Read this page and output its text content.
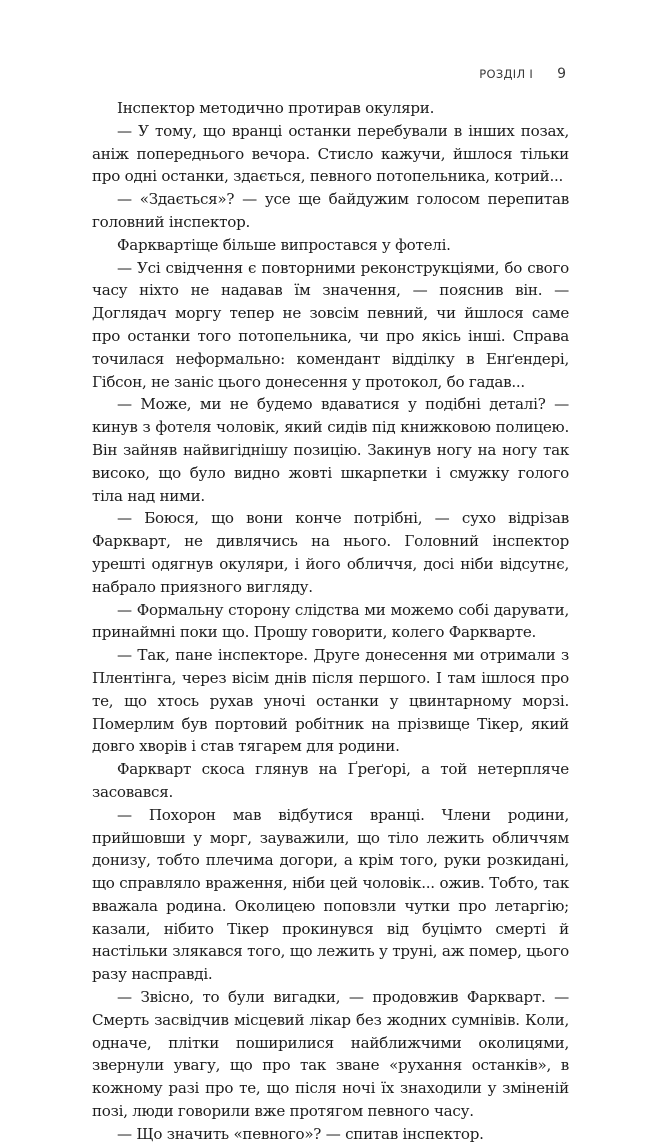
РОЗДІЛ I 9

Інспектор методично протирав окуляри.

— У тому, що вранці останки перебували в інших позах, аніж попереднього вечора. Стисло кажучи, йшлося тільки про одні останки, здається, певного потопельника, котрий...

— «Здається»? — усе ще байдужим голосом перепитав головний інспектор.

Фарквартіще більше випростався у фотелі.

— Усі свідчення є повторними реконструкціями, бо свого часу ніхто не надавав їм значення, — пояснив він. — Доглядач моргу тепер не зовсім певний, чи йшлося саме про останки того потопельника, чи про якісь інші. Справа точилася неформально: комендант відділку в Енґендері, Гібсон, не заніс цього донесення у протокол, бо гадав...

— Може, ми не будемо вдаватися у подібні деталі? — кинув з фотеля чоловік, який сидів під книжковою полицею. Він зайняв найвигіднішу позицію. Закинув ногу на ногу так високо, що було видно жовті шкарпетки і смужку голого тіла над ними.

— Боюся, що вони конче потрібні, — сухо відрізав Фаркварт, не дивлячись на нього. Головний інспектор урешті одягнув окуляри, і його обличчя, досі ніби відсутнє, набрало приязного вигляду.

— Формальну сторону слідства ми можемо собі дарувати, принаймні поки що. Прошу говорити, колего Фаркварте.

— Так, пане інспекторе. Друге донесення ми отримали з Плентінга, через вісім днів після першого. І там ішлося про те, що хтось рухав уночі останки у цвинтарному морзі. Померлим був портовий робітник на прізвище Тікер, який довго хворів і став тягарем для родини.

Фаркварт скоса глянув на Ґреґорі, а той нетерпляче засовався.

— Похорон мав відбутися вранці. Члени родини, прийшовши у морг, зауважили, що тіло лежить обличчям донизу, тобто плечима догори, а крім того, руки розкидані, що справляло враження, ніби цей чоловік... ожив. Тобто, так вважала родина. Околицею поповзли чутки про летаргію; казали, нібито Тікер прокинувся від буцімто смерті й настільки злякався того, що лежить у труні, аж помер, цього разу насправді.

— Звісно, то були вигадки, — продовжив Фаркварт. — Смерть засвідчив місцевий лікар без жодних сумнівів. Коли, одначе, плітки поширилися найближчими околицями, звернули увагу, що про так зване «рухання останків», в кожному разі про те, що після ночі їх знаходили у зміненій позі, люди говорили вже протягом певного часу.

— Що значить «певного»? — спитав інспектор.
